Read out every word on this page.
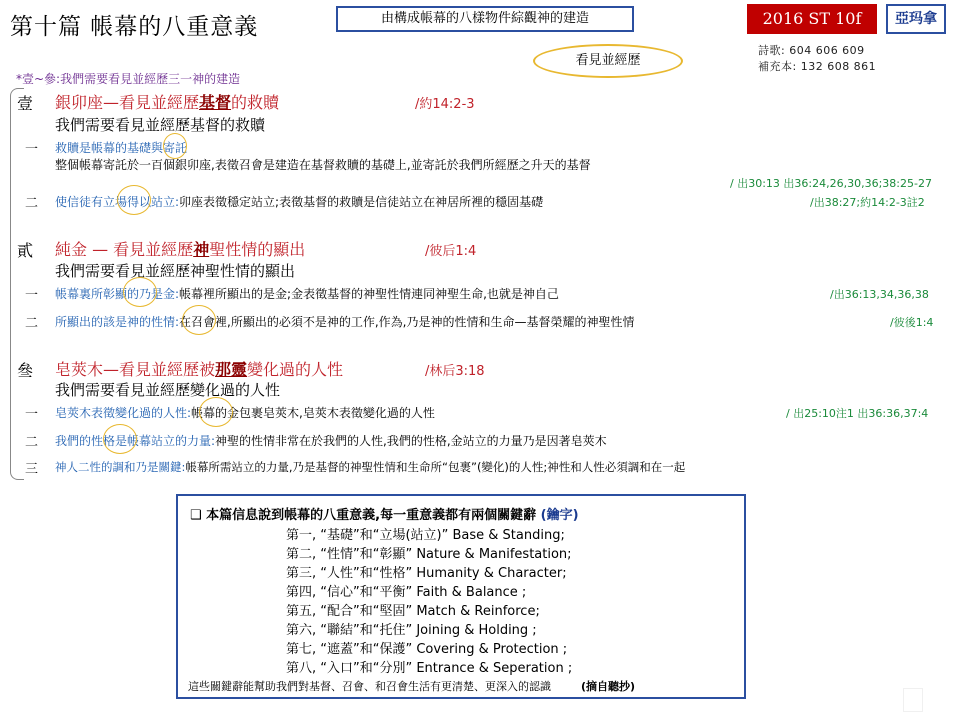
第十篇 帳幕的八重意義	由構成帳幕的八樣物件綜觀神的建造	2016 ST 10f	亞玛拿
詩歌: 604 606 609
補充本: 132 608 861
看見並經歷
*壹~參:我們需要看見並經歷三一神的建造
壹 銀卯座—看見並經歷基督的救贖	/約14:2-3
我們需要看見並經歷基督的救贖
一 救贖是帳幕的基礎與寄託
整個帳幕寄託於一百個銀卯座,表徵召會是建造在基督救贖的基礎上,並寄託於我們所經歷之升天的基督
/ 出30:13 出36:24,26,30,36;38:25-27
二 使信徒有立場得以站立:卯座表徵穩定站立;表徵基督的救贖是信徒站立在神居所裡的穩固基礎	/出38:27;約14:2-3註2
貳 純金 — 看見並經歷神聖性情的顯出	/彼后1:4
我們需要看見並經歷神聖性情的顯出
一 帳幕裏所彰顯的乃是金:帳幕裡所顯出的是金;金表徵基督的神聖性情連同神聖生命,也就是神自己	/出36:13,34,36,38
二 所顯出的該是神的性情:在召會裡,所顯出的必須不是神的工作,作為,乃是神的性情和生命—基督榮耀的神聖性情	/彼後1:4
叄 皂莢木—看見並經歷被那靈變化過的人性	/林后3:18
我們需要看見並經歷變化過的人性
一 皂莢木表徵變化過的人性:帳幕的金包裹皂莢木,皂莢木表徵變化過的人性	/ 出25:10注1 出36:36,37:4
二 我們的性格是帳幕站立的力量:神聖的性情非常在於我們的人性,我們的性格,金站立的力量乃是因著皂莢木
三 神人二性的調和乃是關鍵:帳幕所需站立的力量,乃是基督的神聖性情和生命所“包裹”(變化)的人性;神性和人性必須調和在一起
❑ 本篇信息說到帳幕的八重意義,每一重意義都有兩個關鍵辭 (鑰字)
第一, “基礎”和“立場(站立)” Base & Standing;
第二, “性情”和“彰顯” Nature & Manifestation;
第三, “人性”和“性格” Humanity & Character;
第四, “信心”和“平衡” Faith & Balance ;
第五, “配合”和“堅固” Match & Reinforce;
第六, “聯結”和“托住” Joining & Holding ;
第七, “遮蓋”和“保護” Covering & Protection ;
第八, “入口”和“分別” Entrance & Seperation ;
這些關鍵辭能幫助我們對基督、召會、和召會生活有更清楚、更深入的認識	(摘自聽抄)
